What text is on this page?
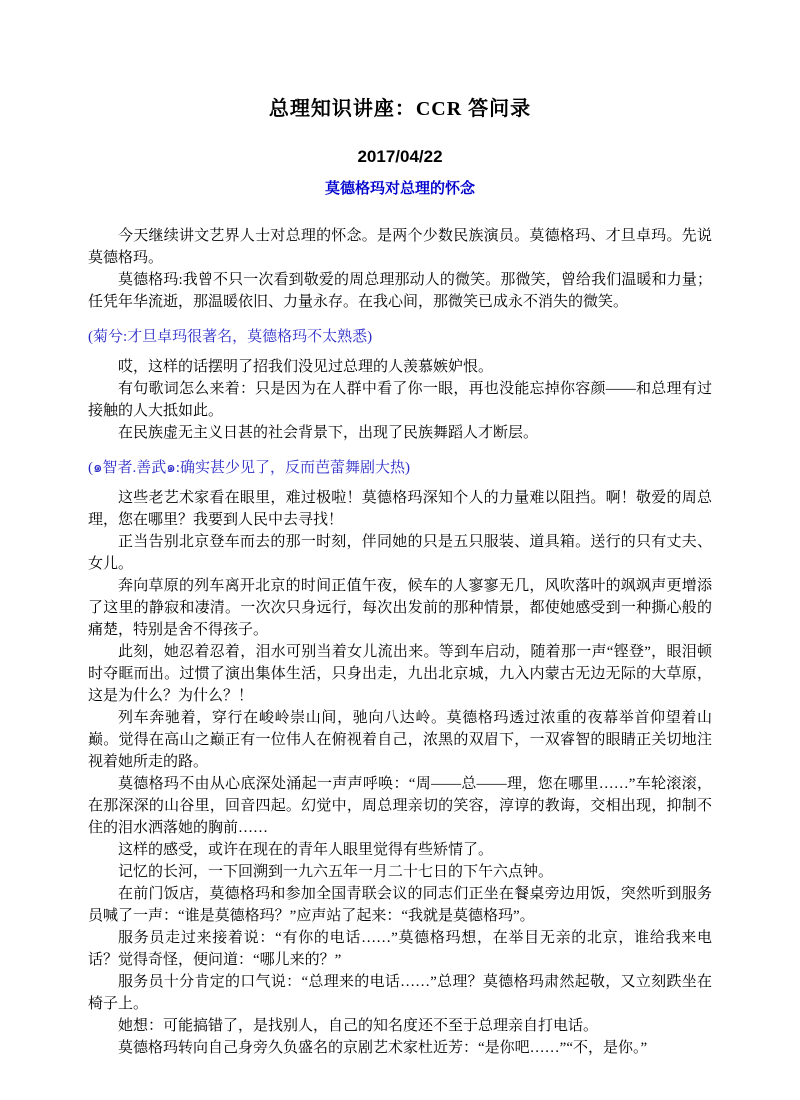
总理知识讲座：CCR 答问录
2017/04/22
莫德格玛对总理的怀念

今天继续讲文艺界人士对总理的怀念。是两个少数民族演员。莫德格玛、才旦卓玛。先说莫德格玛。

莫德格玛:我曾不只一次看到敬爱的周总理那动人的微笑。那微笑，曾给我们温暖和力量；任凭年华流逝，那温暖依旧、力量永存。在我心间，那微笑已成永不消失的微笑。

(菊兮:才旦卓玛很著名，莫德格玛不太熟悉)

哎，这样的话摆明了招我们没见过总理的人羡慕嫉妒恨。

有句歌词怎么来着：只是因为在人群中看了你一眼，再也没能忘掉你容颜——和总理有过接触的人大抵如此。

在民族虚无主义日甚的社会背景下，出现了民族舞蹈人才断层。

(๑智者.善武๑:确实甚少见了，反而芭蕾舞剧大热)

这些老艺术家看在眼里，难过极啦！莫德格玛深知个人的力量难以阻挡。啊！敬爱的周总理，您在哪里？我要到人民中去寻找！

正当告别北京登车而去的那一时刻，伴同她的只是五只服装、道具箱。送行的只有丈夫、女儿。

奔向草原的列车离开北京的时间正值午夜，候车的人寥寥无几，风吹落叶的飒飒声更增添了这里的静寂和凄清。一次次只身远行，每次出发前的那种情景，都使她感受到一种撕心般的痛楚，特别是舍不得孩子。

此刻，她忍着忍着，泪水可别当着女儿流出来。等到车启动，随着那一声“铿登”，眼泪顿时夺眶而出。过惯了演出集体生活，只身出走，九出北京城，九入内蒙古无边无际的大草原，这是为什么？为什么？！

列车奔驰着，穿行在峻岭崇山间，驰向八达岭。莫德格玛透过浓重的夜幕举首仰望着山巅。觉得在高山之巅正有一位伟人在俯视着自己，浓黑的双眉下，一双睿智的眼睛正关切地注视着她所走的路。

莫德格玛不由从心底深处涌起一声声呼唤：“周——总——理，您在哪里……”车轮滚滚，在那深深的山谷里，回音四起。幻觉中，周总理亲切的笑容，淳谆的教诲，交相出现，抑制不住的泪水洒落她的胸前……

这样的感受，或许在现在的青年人眼里觉得有些矫情了。

记忆的长河，一下回溯到一九六五年一月二十七日的下午六点钟。

在前门饭店，莫德格玛和参加全国青联会议的同志们正坐在餐桌旁边用饭，突然听到服务员喊了一声：“谁是莫德格玛？”应声站了起来：“我就是莫德格玛”。

服务员走过来接着说：“有你的电话……”莫德格玛想，在举目无亲的北京，谁给我来电话？觉得奇怪，便问道：“哪儿来的？”

服务员十分肯定的口气说：“总理来的电话……”总理？莫德格玛肃然起敬，又立刻跌坐在椅子上。

她想：可能搞错了，是找别人，自己的知名度还不至于总理亲自打电话。

莫德格玛转向自己身旁久负盛名的京剧艺术家杜近芳：“是你吧……”“不，是你。”
